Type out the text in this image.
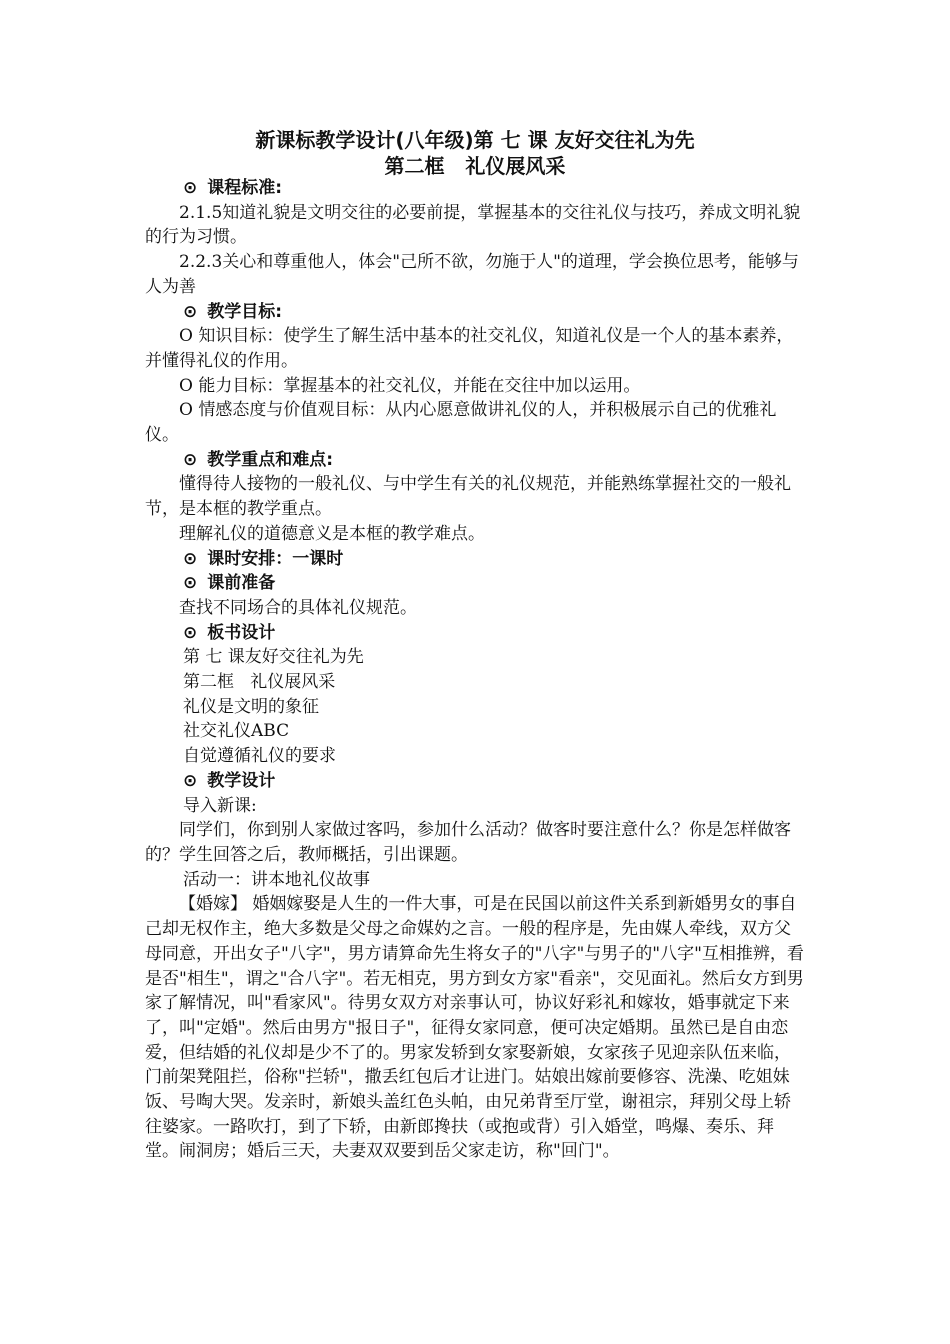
新课标教学设计(八年级)第 七 课 友好交往礼为先
第二框   礼仪展风采
⊙ 课程标准:

2.1.5知道礼貌是文明交往的必要前提，掌握基本的交往礼仪与技巧，养成文明礼貌的行为习惯。

2.2.3关心和尊重他人，体会"己所不欲，勿施于人"的道理，学会换位思考，能够与人为善

⊙ 教学目标:

O 知识目标：使学生了解生活中基本的社交礼仪，知道礼仪是一个人的基本素养，并懂得礼仪的作用。

O 能力目标：掌握基本的社交礼仪，并能在交往中加以运用。

O 情感态度与价值观目标：从内心愿意做讲礼仪的人，并积极展示自己的优雅礼仪。

⊙ 教学重点和难点:

懂得待人接物的一般礼仪、与中学生有关的礼仪规范，并能熟练掌握社交的一般礼节，是本框的教学重点。

理解礼仪的道德意义是本框的教学难点。

⊙ 课时安排：一课时
⊙ 课前准备

查找不同场合的具体礼仪规范。

⊙ 板书设计

第 七 课友好交往礼为先

第二框   礼仪展风采

礼仪是文明的象征

社交礼仪ABC

自觉遵循礼仪的要求

⊙ 教学设计

导入新课:

同学们，你到别人家做过客吗，参加什么活动？做客时要注意什么？你是怎样做客的？学生回答之后，教师概括，引出课题。

活动一：讲本地礼仪故事

【婚嫁】 婚姻嫁娶是人生的一件大事，可是在民国以前这件关系到新婚男女的事自己却无权作主，绝大多数是父母之命媒妁之言。一般的程序是，先由媒人牵线，双方父母同意，开出女子"八字"，男方请算命先生将女子的"八字"与男子的"八字"互相推辨，看是否"相生"，谓之"合八字"。若无相克，男方到女方家"看亲"，交见面礼。然后女方到男家了解情况，叫"看家风"。待男女双方对亲事认可，协议好彩礼和嫁妆，婚事就定下来了，叫"定婚"。然后由男方"报日子"，征得女家同意，便可决定婚期。虽然已是自由恋爱，但结婚的礼仪却是少不了的。男家发轿到女家娶新娘，女家孩子见迎亲队伍来临，门前架凳阻拦，俗称"拦轿"，撒丢红包后才让进门。姑娘出嫁前要修容、洗澡、吃姐妹饭、号啕大哭。发亲时，新娘头盖红色头帕，由兄弟背至厅堂，谢祖宗，拜别父母上轿往婆家。一路吹打，到了下轿，由新郎搀扶（或抱或背）引入婚堂，鸣爆、奏乐、拜堂。闹洞房；婚后三天，夫妻双双要到岳父家走访，称"回门"。
